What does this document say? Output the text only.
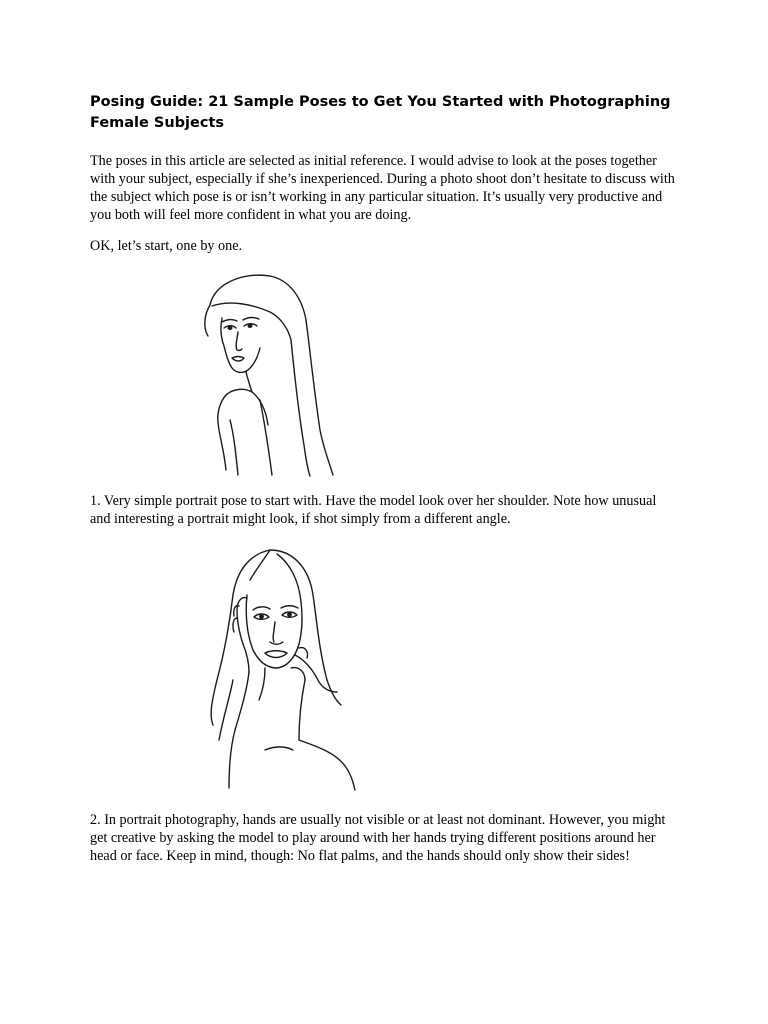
Posing Guide: 21 Sample Poses to Get You Started with Photographing Female Subjects

The poses in this article are selected as initial reference. I would advise to look at the poses together with your subject, especially if she’s inexperienced. During a photo shoot don’t hesitate to discuss with the subject which pose is or isn’t working in any particular situation. It’s usually very productive and you both will feel more confident in what you are doing.

OK, let’s start, one by one.

1. Very simple portrait pose to start with. Have the model look over her shoulder. Note how unusual and interesting a portrait might look, if shot simply from a different angle.

2. In portrait photography, hands are usually not visible or at least not dominant. However, you might get creative by asking the model to play around with her hands trying different positions around her head or face. Keep in mind, though: No flat palms, and the hands should only show their sides!
